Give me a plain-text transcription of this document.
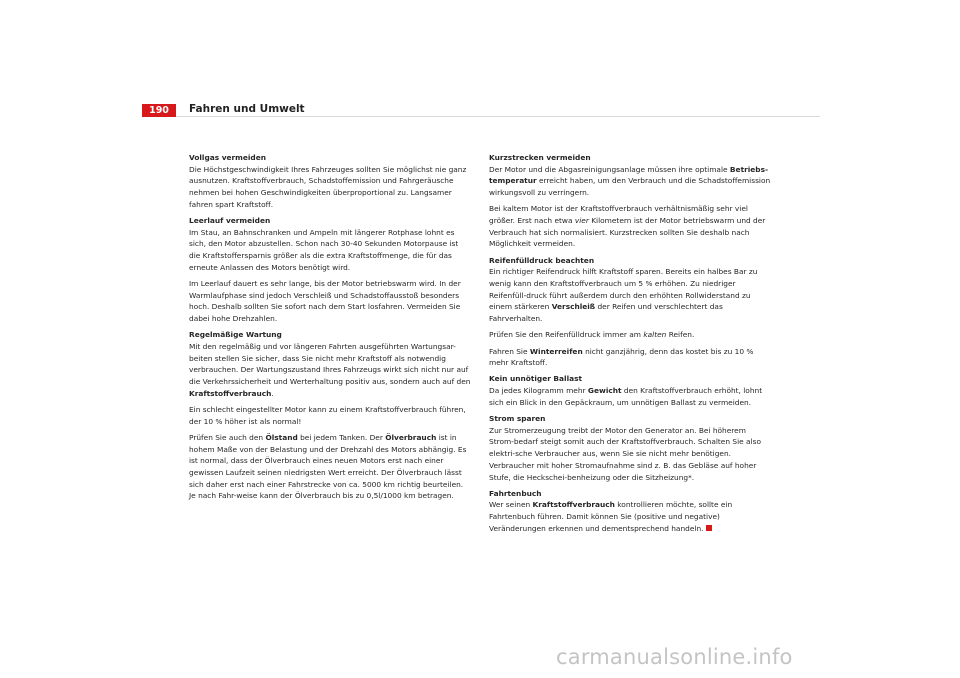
190	Fahren und Umwelt

Vollgas vermeiden

Die Höchstgeschwindigkeit Ihres Fahrzeuges sollten Sie möglichst nie ganz ausnutzen. Kraftstoffverbrauch, Schadstoffemission und Fahrgeräusche nehmen bei hohen Geschwindigkeiten überproportional zu. Langsamer fahren spart Kraftstoff.

Leerlauf vermeiden

Im Stau, an Bahnschranken und Ampeln mit längerer Rotphase lohnt es sich, den Motor abzustellen. Schon nach 30-40 Sekunden Motorpause ist die Kraftstoffersparnis größer als die extra Kraftstoffmenge, die für das erneute Anlassen des Motors benötigt wird.

Im Leerlauf dauert es sehr lange, bis der Motor betriebswarm wird. In der Warmlaufphase sind jedoch Verschleiß und Schadstoffausstoß besonders hoch. Deshalb sollten Sie sofort nach dem Start losfahren. Vermeiden Sie dabei hohe Drehzahlen.

Regelmäßige Wartung

Mit den regelmäßig und vor längeren Fahrten ausgeführten Wartungsar-beiten stellen Sie sicher, dass Sie nicht mehr Kraftstoff als notwendig verbrauchen. Der Wartungszustand Ihres Fahrzeugs wirkt sich nicht nur auf die Verkehrssicherheit und Werterhaltung positiv aus, sondern auch auf den Kraftstoffverbrauch.

Ein schlecht eingestellter Motor kann zu einem Kraftstoffverbrauch führen, der 10 % höher ist als normal!

Prüfen Sie auch den Ölstand bei jedem Tanken. Der Ölverbrauch ist in hohem Maße von der Belastung und der Drehzahl des Motors abhängig. Es ist normal, dass der Ölverbrauch eines neuen Motors erst nach einer gewissen Laufzeit seinen niedrigsten Wert erreicht. Der Ölverbrauch lässt sich daher erst nach einer Fahrstrecke von ca. 5000 km richtig beurteilen. Je nach Fahr-weise kann der Ölverbrauch bis zu 0,5l/1000 km betragen.

Kurzstrecken vermeiden

Der Motor und die Abgasreinigungsanlage müssen ihre optimale Betriebs-temperatur erreicht haben, um den Verbrauch und die Schadstoffemission wirkungsvoll zu verringern.

Bei kaltem Motor ist der Kraftstoffverbrauch verhältnismäßig sehr viel größer. Erst nach etwa vier Kilometern ist der Motor betriebswarm und der Verbrauch hat sich normalisiert. Kurzstrecken sollten Sie deshalb nach Möglichkeit vermeiden.

Reifenfülldruck beachten

Ein richtiger Reifendruck hilft Kraftstoff sparen. Bereits ein halbes Bar zu wenig kann den Kraftstoffverbrauch um 5 % erhöhen. Zu niedriger Reifenfüll-druck führt außerdem durch den erhöhten Rollwiderstand zu einem stärkeren Verschleiß der Reifen und verschlechtert das Fahrverhalten.

Prüfen Sie den Reifenfülldruck immer am kalten Reifen.

Fahren Sie Winterreifen nicht ganzjährig, denn das kostet bis zu 10 % mehr Kraftstoff.

Kein unnötiger Ballast

Da jedes Kilogramm mehr Gewicht den Kraftstoffverbrauch erhöht, lohnt sich ein Blick in den Gepäckraum, um unnötigen Ballast zu vermeiden.

Strom sparen

Zur Stromerzeugung treibt der Motor den Generator an. Bei höherem Strom-bedarf steigt somit auch der Kraftstoffverbrauch. Schalten Sie also elektri-sche Verbraucher aus, wenn Sie sie nicht mehr benötigen. Verbraucher mit hoher Stromaufnahme sind z. B. das Gebläse auf hoher Stufe, die Heckschei-benheizung oder die Sitzheizung*.

Fahrtenbuch

Wer seinen Kraftstoffverbrauch kontrollieren möchte, sollte ein Fahrtenbuch führen. Damit können Sie (positive und negative) Veränderungen erkennen und dementsprechend handeln.

carmanualsonline.info
